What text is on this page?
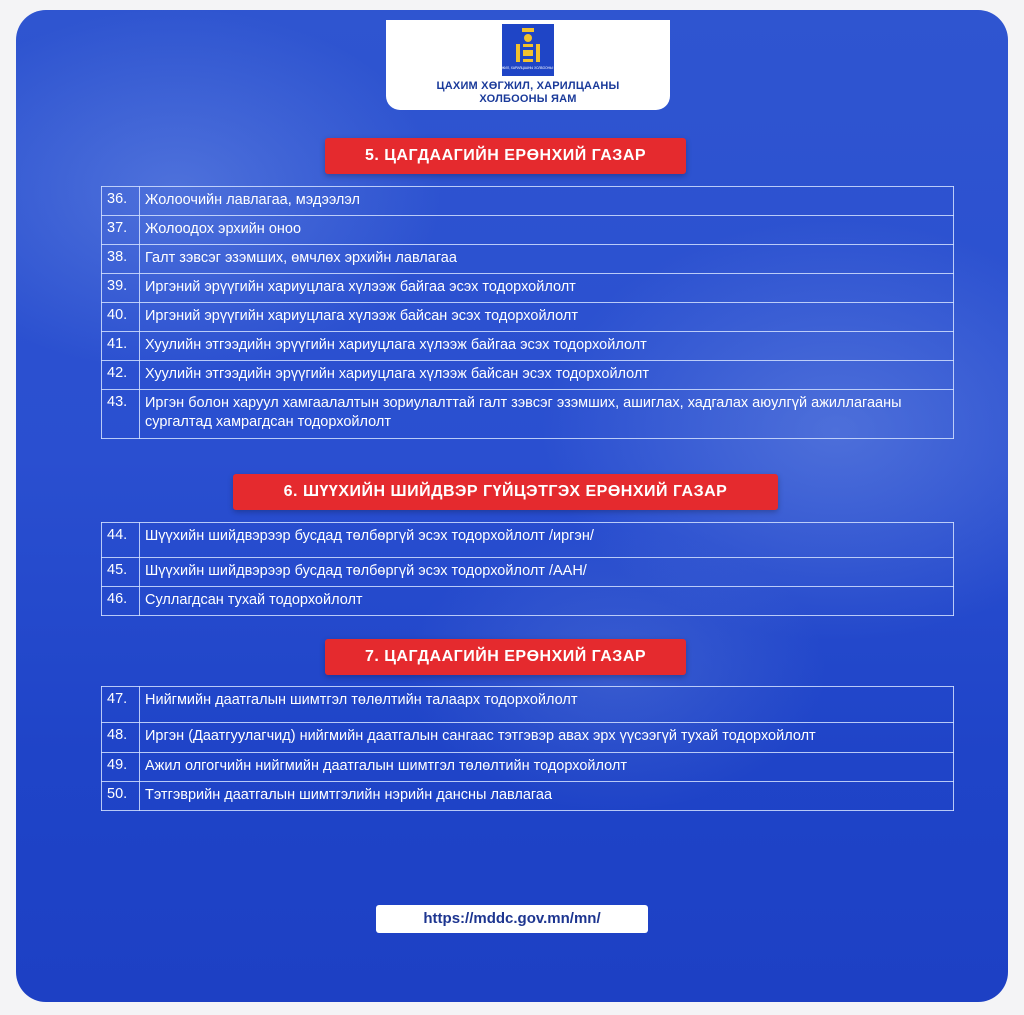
ХӨГЖИЛ, ХАРИЛЦААНЫ ХОЛБООНЫ ЯАМ
ЦАХИМ ХӨГЖИЛ, ХАРИЛЦААНЫ
ХОЛБООНЫ ЯАМ
5. ЦАГДААГИЙН ЕРӨНХИЙ ГАЗАР
36.	Жолоочийн лавлагаа, мэдээлэл
37.	Жолоодох эрхийн оноо
38.	Галт зэвсэг эзэмших, өмчлөх эрхийн лавлагаа
39.	Иргэний эрүүгийн хариуцлага хүлээж байгаа эсэх тодорхойлолт
40.	Иргэний эрүүгийн хариуцлага хүлээж байсан эсэх тодорхойлолт
41.	Хуулийн этгээдийн эрүүгийн хариуцлага хүлээж байгаа эсэх тодорхойлолт
42.	Хуулийн этгээдийн эрүүгийн хариуцлага хүлээж байсан эсэх тодорхойлолт
43.	Иргэн болон харуул хамгаалалтын зориулалттай галт зэвсэг эзэмших, ашиглах, хадгалах аюулгүй ажиллагааны сургалтад хамрагдсан тодорхойлолт
6. ШҮҮХИЙН ШИЙДВЭР ГҮЙЦЭТГЭХ ЕРӨНХИЙ ГАЗАР
44.	Шүүхийн шийдвэрээр бусдад төлбөргүй эсэх тодорхойлолт /иргэн/
45.	Шүүхийн шийдвэрээр бусдад төлбөргүй эсэх тодорхойлолт /ААН/
46.	Суллагдсан тухай тодорхойлолт
7. ЦАГДААГИЙН ЕРӨНХИЙ ГАЗАР
47.	Нийгмийн даатгалын шимтгэл төлөлтийн талаарх тодорхойлолт
48.	Иргэн (Даатгуулагчид) нийгмийн даатгалын сангаас тэтгэвэр авах эрх үүсээгүй тухай тодорхойлолт
49.	Ажил олгогчийн нийгмийн даатгалын шимтгэл төлөлтийн тодорхойлолт
50.	Тэтгэврийн даатгалын шимтгэлийн нэрийн дансны лавлагаа
https://mddc.gov.mn/mn/
